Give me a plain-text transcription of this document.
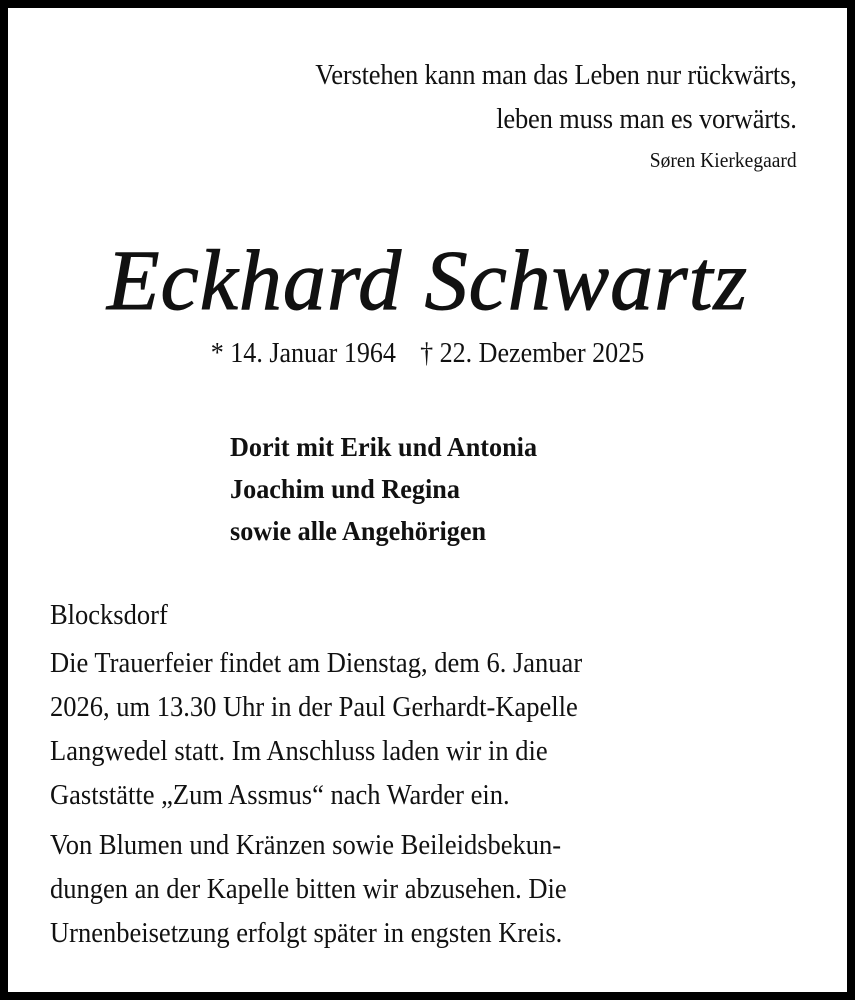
Verstehen kann man das Leben nur rückwärts,
leben muss man es vorwärts.
Søren Kierkegaard
Eckhard Schwartz
* 14. Januar 1964 † 22. Dezember 2025
Dorit mit Erik und Antonia
Joachim und Regina
sowie alle Angehörigen
Blocksdorf
Die Trauerfeier findet am Dienstag, dem 6. Januar
2026, um 13.30 Uhr in der Paul Gerhardt-Kapelle
Langwedel statt. Im Anschluss laden wir in die
Gaststätte „Zum Assmus“ nach Warder ein.
Von Blumen und Kränzen sowie Beileidsbekun-
dungen an der Kapelle bitten wir abzusehen. Die
Urnenbeisetzung erfolgt später in engsten Kreis.
